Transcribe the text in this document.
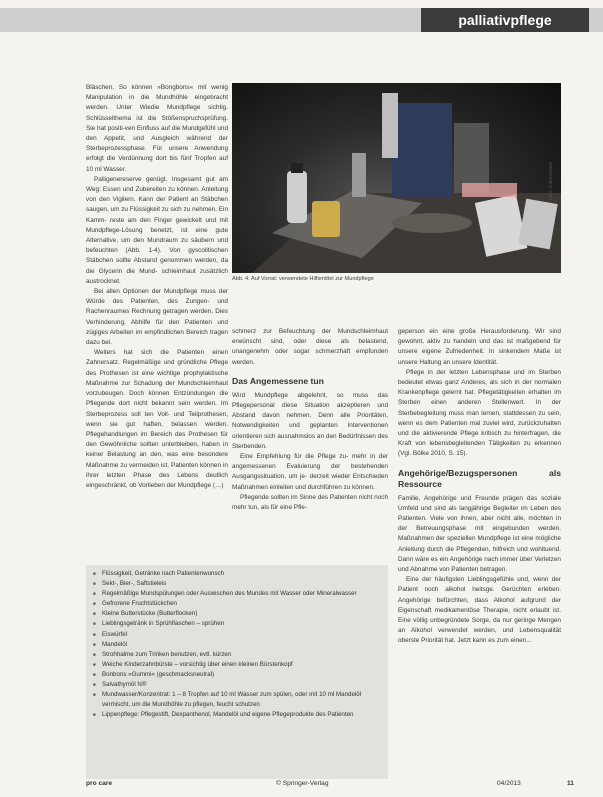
palliativpflege

Bläschen. So können »Bongbons« mit wenig Manipulation in die Mundhöhle eingebracht werden. Unter Wiedie Mundpflege sichtig. Schlüsselthema ist die Stößenspruchsprüfung. Sie hat positi-ven Einfluss auf die Mundgefühl und den Appetit, und Ausgleich während der Sterbeprozessphase. Für unsere Anwendung erfolgt die Verdünnung dort bis fünf Tropfen auf 10 ml Wasser.

Palligenereserve genügt. Insgesamt gut am Weg: Essen und Zubereiten zu können. Anleitung von den Vigilern. Kann der Patient an Stäbchen saugen, um zu Flüssigkeit zu sich zu nehmen. Ein Kamm- reste am den Finger gewickelt und mit Mundpflege-Lösung benetzt, ist eine gute Alternative, um den Mundraum zu säubern und befeuchten (Abb. 1-4). Von gyscolitischen Stäbchen sollte Abstand genommen werden, da die Glycerin die Mund- schleimhaut zusätzlich austrocknet.

Bei allen Optionen der Mundpflege muss der Würde des Patienten, des Zungen- und Rachenraumes Rechnung getragen werden. Dies Verhinderung, Abhilfe für den Patienten und zügiges Arbeiten im empfindlichen Bereich tragen dazu bei.

Weiters hat sich die Patienten einen Zahnersatz. Regelmäßige und gründliche Pflege des Prothesen ist eine wichtige prophylaktische Maßnahme zur Schadung der Mundschleimhaut vorzubeugen. Doch können Entzündungen die Pflegende dort nicht bekannt sein werden. Im Sterbeprozess soll ten Voll- und Teilprothesen, wenn sie gut haften, belassen werden. Pflegehandlungen im Bereich des Prothesen für den Gewöhnliche sollten unterbleiben, haben in keiner Belastung an den, was eine besondere Maßnahme zu vermeiden ist. Patienten können in ihrer letzten Phase des Lebens deutlich eingeschränkt, ob Vorlieben der Mundpflege (…)

Foto: © Burmeister
Abb. 4: Auf Vorrat: verwendete Hilfsmittel zur Mundpflege

schmerz zur Befeuchtung der Mundschleimhaut erwünscht sind, oder diese als belastend, unangenehm oder sogar schmerzhaft empfunden werden.

Das Angemessene tun

Wird Mundpflege abgelehnt, so muss das Pflegepersonal diese Situation akzeptieren und Abstand davon nehmen. Denn alle Prioritäten, Notwendigkeiten und geplanten Interventionen orientieren sich ausnahmslos an den Bedürfnissen des Sterbenden.

Eine Empfehlung für die Pflege zu- mehr in der angemessenen Evaluierung der bestehenden Ausgangssituation, um je- derzeit wieder Entschieden Maßnahmen einleiten und durchführen zu können.

Pflegende sollten im Sinne des Patienten nicht noch mehr tun, als für eine Pfle-

geperson ein eine große Herausforderung. Wir sind gewohnt, aktiv zu handeln und das ist maßgebend für unsere eigene Zufriedenheit. In sinkendem Maße ist unsere Haltung an unsere Identität.

Pflege in der letzten Lebensphase und im Sterben bedeutet etwas ganz Anderes, als sich in der normalen Krankenpflege gelernt hat. Pflegetätigkeiten erhalten im Sterben einen anderen Stellenwert. In der Sterbebegleitung muss man lernen, stattdessen zu sein, wenn es dem Patienten mal zuviel wird, zurückzuhalten und die aktivierende Pflege kritisch zu hinterfragen, die Kraft von lebensbegleitenden Tätigkeiten zu erkennen (Vgl. Bölke 2010, S. 15).

Angehörige/Bezugspersonen als Ressource

Familie, Angehörige und Freunde prägen das soziale Umfeld und sind als langjährige Begleiter im Leben des Patienten. Viele von ihnen, aber nicht alle, möchten in der Betreuungsphase mit eingebunden werden. Maßnahmen der speziellen Mundpflege ist eine mögliche Anleitung durch die Pflegenden, hilfreich und wohltuend. Dann wäre es ein Angehörige nach immer über Verletzen und Abnahme von Patienten betragen.

Eine der häufigsten Lieblingsgefühle und, wenn der Patient noch alkohol heitsge. Gerüchten erleben. Angehörige befürchten, dass Alkohol aufgrund der Eigenschaft medikamentöse Therapie, nicht erlaubt ist. Eine völlig unbegründete Sorge, da nur geringe Mengen an Alkohol verwendet werden, und Lebensqualität oberste Priorität hat. Jetzt kann es zum einen...

■ Flüssigkeit, Getränke nach Patientenwunsch
■ Sekt-, Bier-, Saftstieleis
■ Regelmäßige Mundspülungen oder Auswischen des Mundes mit Wasser oder Mineralwasser
■ Gefrorene Fruchtstückchen
■ Kleine Butterstücke (Butterflocken)
■ Lieblingsgetränk in Sprühflaschen – sprühen
■ Eiswürfel
■ Mandelöl
■ Strohhalme zum Trinken benutzen, evtl. kürzen
■ Weiche Kinderzahnbürste – vorsichtig über einen kleinen Bürstenkopf
■ Bonbons »Gummi« (geschmacksneutral)
■ Salvathymöl N®
■ Mundwasser/Konzentrat: 1 – 8 Tropfen auf 10 ml Wasser zum spülen, oder mit 10 ml Mandelöl vermischt, um die Mundhöhle zu pflegen, feucht schutzen
■ Lippenpflege: Pflegestift, Dexpanthenol, Mandelöl und eigene Pflegeprodukte des Patienten
pro care	© Springer-Verlag	04/2013	11
